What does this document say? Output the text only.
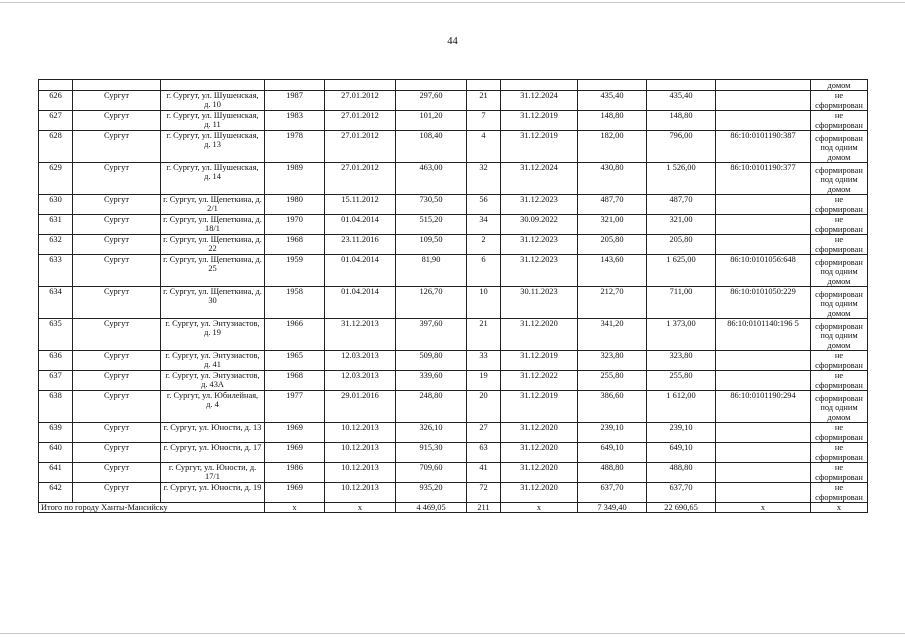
44
											домом
626	Сургут	г. Сургут, ул. Шушенская, д. 10	1987	27.01.2012	297,60	21	31.12.2024	435,40	435,40		не сформирован
627	Сургут	г. Сургут, ул. Шушенская, д. 11	1983	27.01.2012	101,20	7	31.12.2019	148,80	148,80		не сформирован
628	Сургут	г. Сургут, ул. Шушенская, д. 13	1978	27.01.2012	108,40	4	31.12.2019	182,00	796,00	86:10:0101190:387	сформирован под одним домом
629	Сургут	г. Сургут, ул. Шушенская, д. 14	1989	27.01.2012	463,00	32	31.12.2024	430,80	1 526,00	86:10:0101190:377	сформирован под одним домом
630	Сургут	г. Сургут, ул. Щепеткина, д. 2/1	1980	15.11.2012	730,50	56	31.12.2023	487,70	487,70		не сформирован
631	Сургут	г. Сургут, ул. Щепеткина, д. 18/1	1970	01.04.2014	515,20	34	30.09.2022	321,00	321,00		не сформирован
632	Сургут	г. Сургут, ул. Щепеткина, д. 22	1968	23.11.2016	109,50	2	31.12.2023	205,80	205,80		не сформирован
633	Сургут	г. Сургут, ул. Щепеткина, д. 25	1959	01.04.2014	81,90	6	31.12.2023	143,60	1 625,00	86:10:0101056:648	сформирован под одним домом
634	Сургут	г. Сургут, ул. Щепеткина, д. 30	1958	01.04.2014	126,70	10	30.11.2023	212,70	711,00	86:10:0101050:229	сформирован под одним домом
635	Сургут	г. Сургут, ул. Энтузиастов, д. 19	1966	31.12.2013	397,60	21	31.12.2020	341,20	1 373,00	86:10:0101140:196 5	сформирован под одним домом
636	Сургут	г. Сургут, ул. Энтузиастов, д. 41	1965	12.03.2013	509,80	33	31.12.2019	323,80	323,80		не сформирован
637	Сургут	г. Сургут, ул. Энтузиастов, д. 43А	1968	12.03.2013	339,60	19	31.12.2022	255,80	255,80		не сформирован
638	Сургут	г. Сургут, ул. Юбилейная, д. 4	1977	29.01.2016	248,80	20	31.12.2019	386,60	1 612,00	86:10:0101190:294	сформирован под одним домом
639	Сургут	г. Сургут, ул. Юности, д. 13	1969	10.12.2013	326,10	27	31.12.2020	239,10	239,10		не сформирован
640	Сургут	г. Сургут, ул. Юности, д. 17	1969	10.12.2013	915,30	63	31.12.2020	649,10	649,10		не сформирован
641	Сургут	г. Сургут, ул. Юности, д. 17/1	1986	10.12.2013	709,60	41	31.12.2020	488,80	488,80		не сформирован
642	Сургут	г. Сургут, ул. Юности, д. 19	1969	10.12.2013	935,20	72	31.12.2020	637,70	637,70		не сформирован
Итого по городу Ханты-Мансийску			х	х	4 469,05	211	х	7 349,40	22 690,65	х	х
